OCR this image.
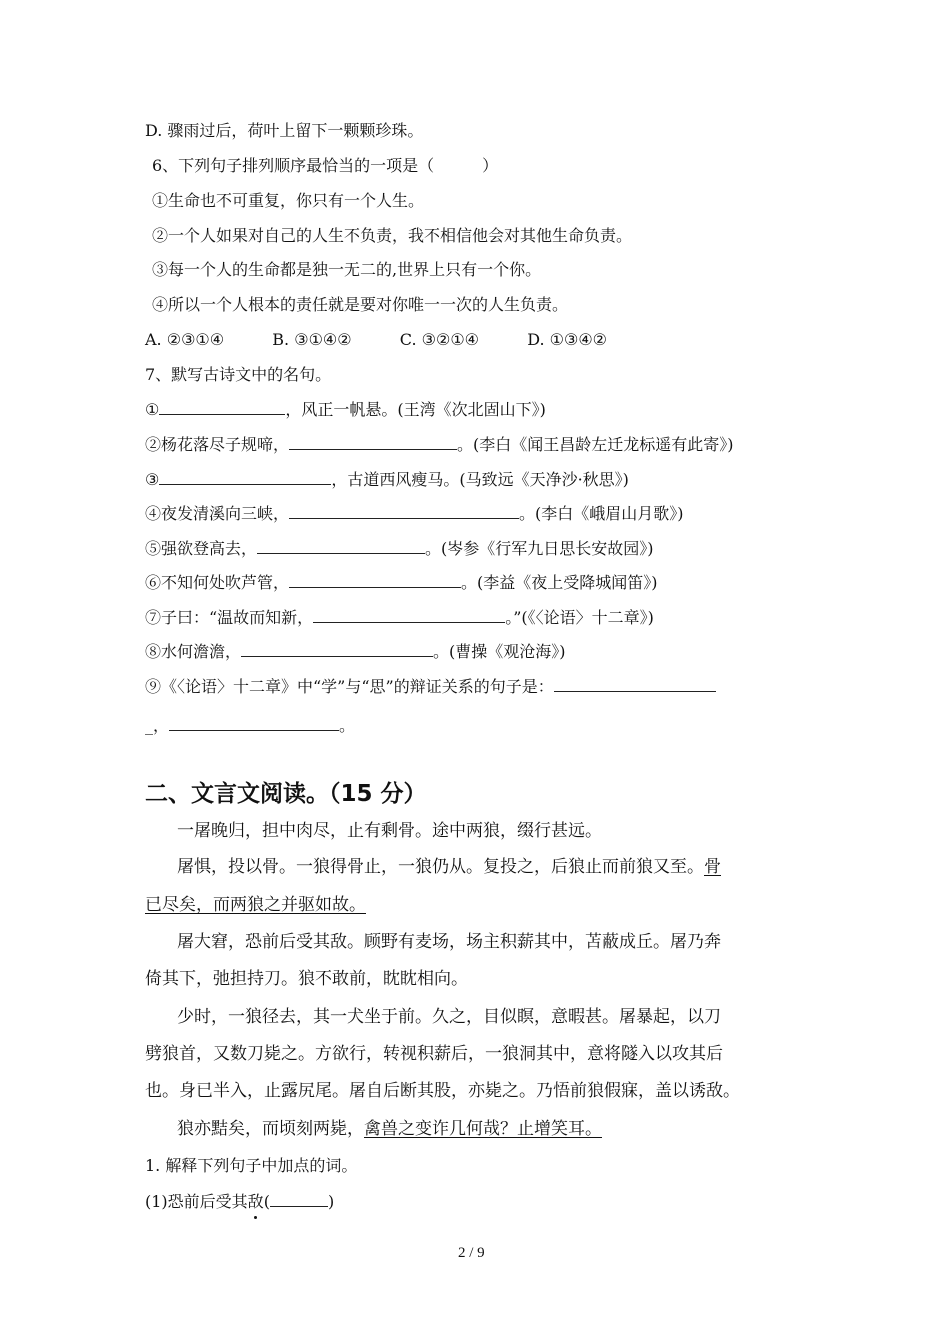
D. 骤雨过后，荷叶上留下一颗颗珍珠。
6、下列句子排列顺序最恰当的一项是（　　　）
①生命也不可重复，你只有一个人生。
②一个人如果对自己的人生不负责，我不相信他会对其他生命负责。
③每一个人的生命都是独一无二的,世界上只有一个你。
④所以一个人根本的责任就是要对你唯一一次的人生负责。
A. ②③①④	B. ③①④②	C. ③②①④	D. ①③④②
7、默写古诗文中的名句。
①	，风正一帆悬。(王湾《次北固山下》)
②杨花落尽子规啼，	。(李白《闻王昌龄左迁龙标遥有此寄》)
③	，古道西风瘦马。(马致远《天净沙·秋思》)
④夜发清溪向三峡，	。(李白《峨眉山月歌》)
⑤强欲登高去，	。(岑参《行军九日思长安故园》)
⑥不知何处吹芦管，	。(李益《夜上受降城闻笛》)
⑦子曰：“温故而知新，	。”(《〈论语〉十二章》)
⑧水何澹澹，	。(曹操《观沧海》)
⑨《〈论语〉十二章》中“学”与“思”的辩证关系的句子是：
_，	。
二、文言文阅读。（15 分）
一屠晚归，担中肉尽，止有剩骨。途中两狼，缀行甚远。
屠惧，投以骨。一狼得骨止，一狼仍从。复投之，后狼止而前狼又至。骨
已尽矣，而两狼之并驱如故。
屠大窘，恐前后受其敌。顾野有麦场，场主积薪其中，苫蔽成丘。屠乃奔
倚其下，弛担持刀。狼不敢前，眈眈相向。
少时，一狼径去，其一犬坐于前。久之，目似瞑，意暇甚。屠暴起，以刀
劈狼首，又数刀毙之。方欲行，转视积薪后，一狼洞其中，意将隧入以攻其后
也。身已半入，止露尻尾。屠自后断其股，亦毙之。乃悟前狼假寐，盖以诱敌。
狼亦黠矣，而顷刻两毙，禽兽之变诈几何哉？止增笑耳。
1. 解释下列句子中加点的词。
(1)恐前后受其敌(	)
2 / 9
